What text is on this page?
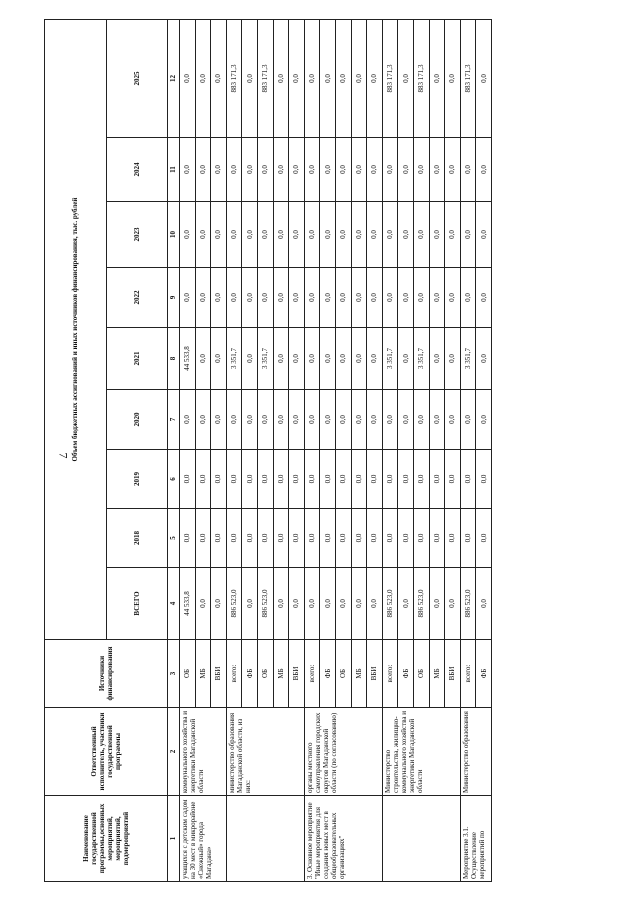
7
Наименование государственной программы,основных мероприятий, мероприятий, подмероприятий	Ответственный исполнитель, участники государственной программы	Источники финансирования	Объем бюджетных ассигнований и иных источников финансирования, тыс. рублей								
			ВСЕГО	2018	2019	2020	2021	2022	2023	2024	2025
1	2	3	4	5	6	7	8	9	10	11	12
учащихся с детским садом на 30 мест в микрорайоне «Снежный» города Магадана»	коммунального хозяйства и энергетики Магаданской области	ОБ	44 533,8	0,0	0,0	0,0	44 533,8	0,0	0,0	0,0	0,0
		МБ	0,0	0,0	0,0	0,0	0,0	0,0	0,0	0,0	0,0
		ВБИ	0,0	0,0	0,0	0,0	0,0	0,0	0,0	0,0	0,0
	министерство образования Магаданской области, из них:	всего:	886 523,0	0,0	0,0	0,0	3 351,7	0,0	0,0	0,0	883 171,3
		ФБ	0,0	0,0	0,0	0,0	0,0	0,0	0,0	0,0	0,0
		ОБ	886 523,0	0,0	0,0	0,0	3 351,7	0,0	0,0	0,0	883 171,3
		МБ	0,0	0,0	0,0	0,0	0,0	0,0	0,0	0,0	0,0
		ВБИ	0,0	0,0	0,0	0,0	0,0	0,0	0,0	0,0	0,0
3. Основное мероприятие "Иные мероприятия для создания новых мест в общеобразовательных организациях"	органы местного самоуправления городских округов Магаданской области (по согласованию)	всего:	0,0	0,0	0,0	0,0	0,0	0,0	0,0	0,0	0,0
		ФБ	0,0	0,0	0,0	0,0	0,0	0,0	0,0	0,0	0,0
		ОБ	0,0	0,0	0,0	0,0	0,0	0,0	0,0	0,0	0,0
		МБ	0,0	0,0	0,0	0,0	0,0	0,0	0,0	0,0	0,0
		ВБИ	0,0	0,0	0,0	0,0	0,0	0,0	0,0	0,0	0,0
	Министерство строительства, жилищно-коммунального хозяйства и энергетики Магаданской области	всего:	886 523,0	0,0	0,0	0,0	3 351,7	0,0	0,0	0,0	883 171,3
		ФБ	0,0	0,0	0,0	0,0	0,0	0,0	0,0	0,0	0,0
		ОБ	886 523,0	0,0	0,0	0,0	3 351,7	0,0	0,0	0,0	883 171,3
		МБ	0,0	0,0	0,0	0,0	0,0	0,0	0,0	0,0	0,0
		ВБИ	0,0	0,0	0,0	0,0	0,0	0,0	0,0	0,0	0,0
Мероприятие 3.1. Осуществление мероприятий по	Министерство образования	всего:	886 523,0	0,0	0,0	0,0	3 351,7	0,0	0,0	0,0	883 171,3
		ФБ	0,0	0,0	0,0	0,0	0,0	0,0	0,0	0,0	0,0
